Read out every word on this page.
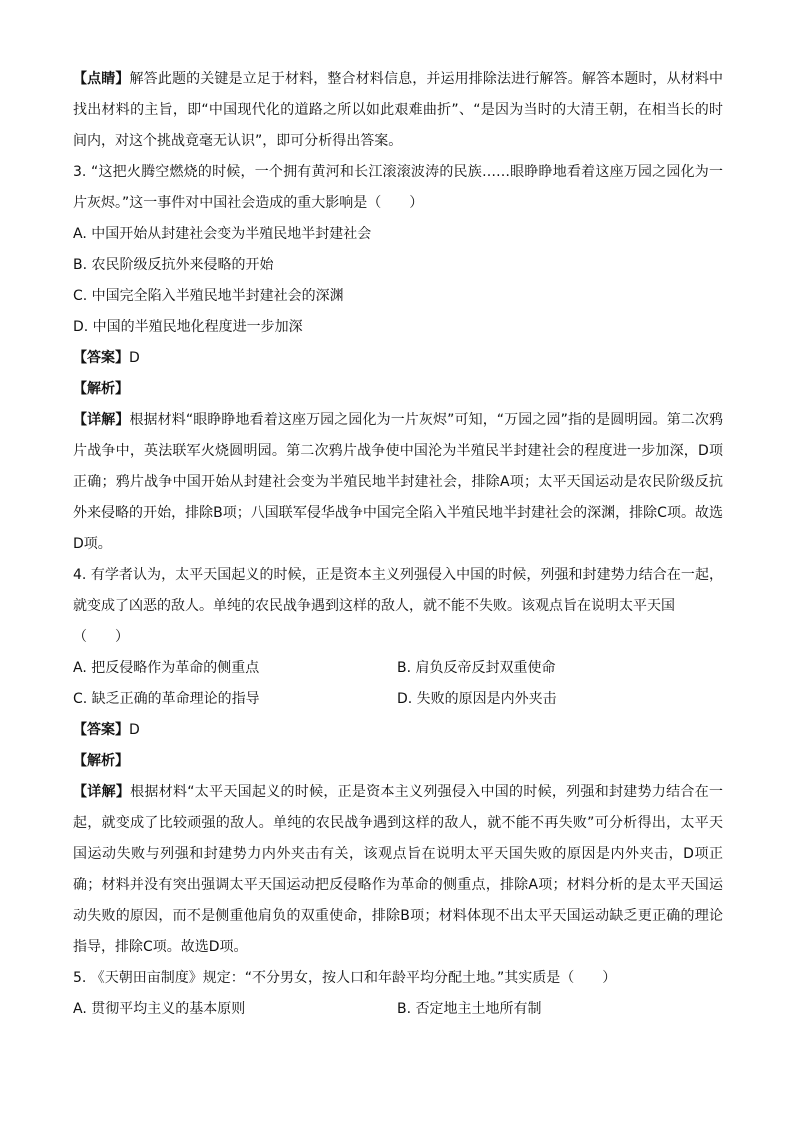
【点睛】解答此题的关键是立足于材料，整合材料信息，并运用排除法进行解答。解答本题时，从材料中找出材料的主旨，即“中国现代化的道路之所以如此艰难曲折”、“是因为当时的大清王朝，在相当长的时间内，对这个挑战竟毫无认识”，即可分析得出答案。

3. “这把火腾空燃烧的时候，一个拥有黄河和长江滚滚波涛的民族……眼睁睁地看着这座万园之园化为一片灰烬。”这一事件对中国社会造成的重大影响是（　　）

A. 中国开始从封建社会变为半殖民地半封建社会

B. 农民阶级反抗外来侵略的开始

C. 中国完全陷入半殖民地半封建社会的深渊

D. 中国的半殖民地化程度进一步加深

【答案】D

【解析】

【详解】根据材料“眼睁睁地看着这座万园之园化为一片灰烬”可知，“万园之园”指的是圆明园。第二次鸦片战争中，英法联军火烧圆明园。第二次鸦片战争使中国沦为半殖民半封建社会的程度进一步加深，D项正确；鸦片战争中国开始从封建社会变为半殖民地半封建社会，排除A项；太平天国运动是农民阶级反抗外来侵略的开始，排除B项；八国联军侵华战争中国完全陷入半殖民地半封建社会的深渊，排除C项。故选D项。

4. 有学者认为，太平天国起义的时候，正是资本主义列强侵入中国的时候，列强和封建势力结合在一起，就变成了凶恶的敌人。单纯的农民战争遇到这样的敌人，就不能不失败。该观点旨在说明太平天国

（　　）

A. 把反侵略作为革命的侧重点	B. 肩负反帝反封双重使命
C. 缺乏正确的革命理论的指导	D. 失败的原因是内外夹击

【答案】D

【解析】

【详解】根据材料“太平天国起义的时候，正是资本主义列强侵入中国的时候，列强和封建势力结合在一起，就变成了比较顽强的敌人。单纯的农民战争遇到这样的敌人，就不能不再失败”可分析得出，太平天国运动失败与列强和封建势力内外夹击有关，该观点旨在说明太平天国失败的原因是内外夹击，D项正确；材料并没有突出强调太平天国运动把反侵略作为革命的侧重点，排除A项；材料分析的是太平天国运动失败的原因，而不是侧重他肩负的双重使命，排除B项；材料体现不出太平天国运动缺乏更正确的理论指导，排除C项。故选D项。

5. 《天朝田亩制度》规定：“不分男女，按人口和年龄平均分配土地。”其实质是（　　）

A. 贯彻平均主义的基本原则	B. 否定地主土地所有制
